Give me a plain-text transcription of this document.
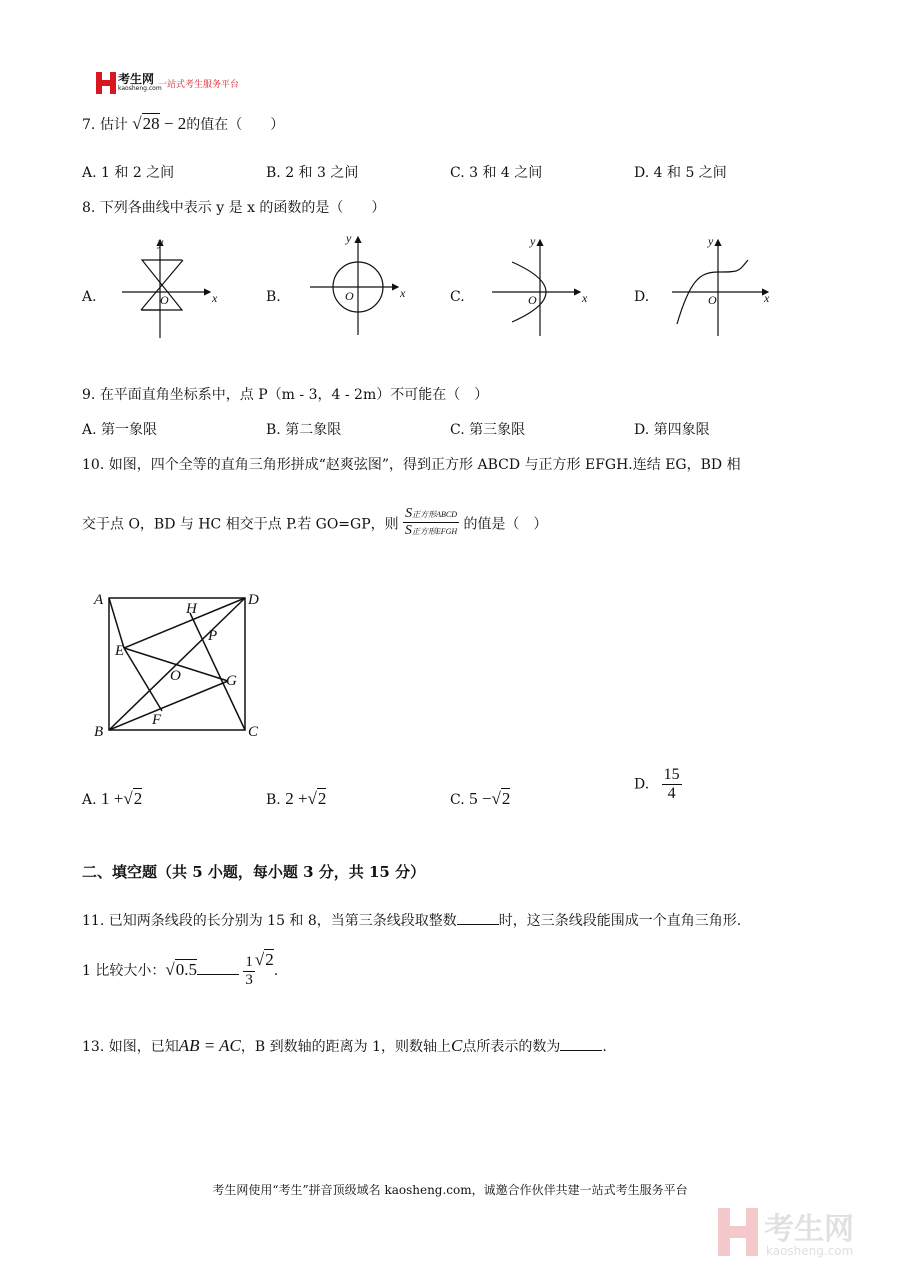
考生网
kaosheng.com
一站式考生服务平台
7. 估计 √28 − 2的值在（　　）
A. 1 和 2 之间	B. 2 和 3 之间	C. 3 和 4 之间	D. 4 和 5 之间
8. 下列各曲线中表示 y 是 x 的函数的是（　　）
A.	B.	C.	D.
y
x
O
y
x
O
y
x
O
y
x
O
9. 在平面直角坐标系中，点 P（m - 3，4 - 2m）不可能在（　）
A. 第一象限	B. 第二象限	C. 第三象限	D. 第四象限
10. 如图，四个全等的直角三角形拼成“赵爽弦图”，得到正方形 ABCD 与正方形 EFGH.连结 EG，BD 相
交于点 O，BD 与 HC 相交于点 P.若 GO=GP，则 $\frac{\text{S正方形ABCD}}{\text{S正方形EFGH}}$ 的值是（　）
A	D
B	C
E
H
P
O	G
F
A. 1 +√2	B. 2 +√2	C. 5 −√2
D. $\frac{15}{4}$
二、填空题（共 5 小题，每小题 3 分，共 15 分）
11. 已知两条线段的长分别为 15 和 8，当第三条线段取整数	时，这三条线段能围成一个直角三角形.
1 比较大小：√0.5	$\frac{1}{3} √2$.
13. 如图，已知AB = AC，B 到数轴的距离为 1，则数轴上C点所表示的数为	.
考生网使用“考生”拼音顶级域名 kaosheng.com，诚邀合作伙伴共建一站式考生服务平台
考生网
kaosheng.com
